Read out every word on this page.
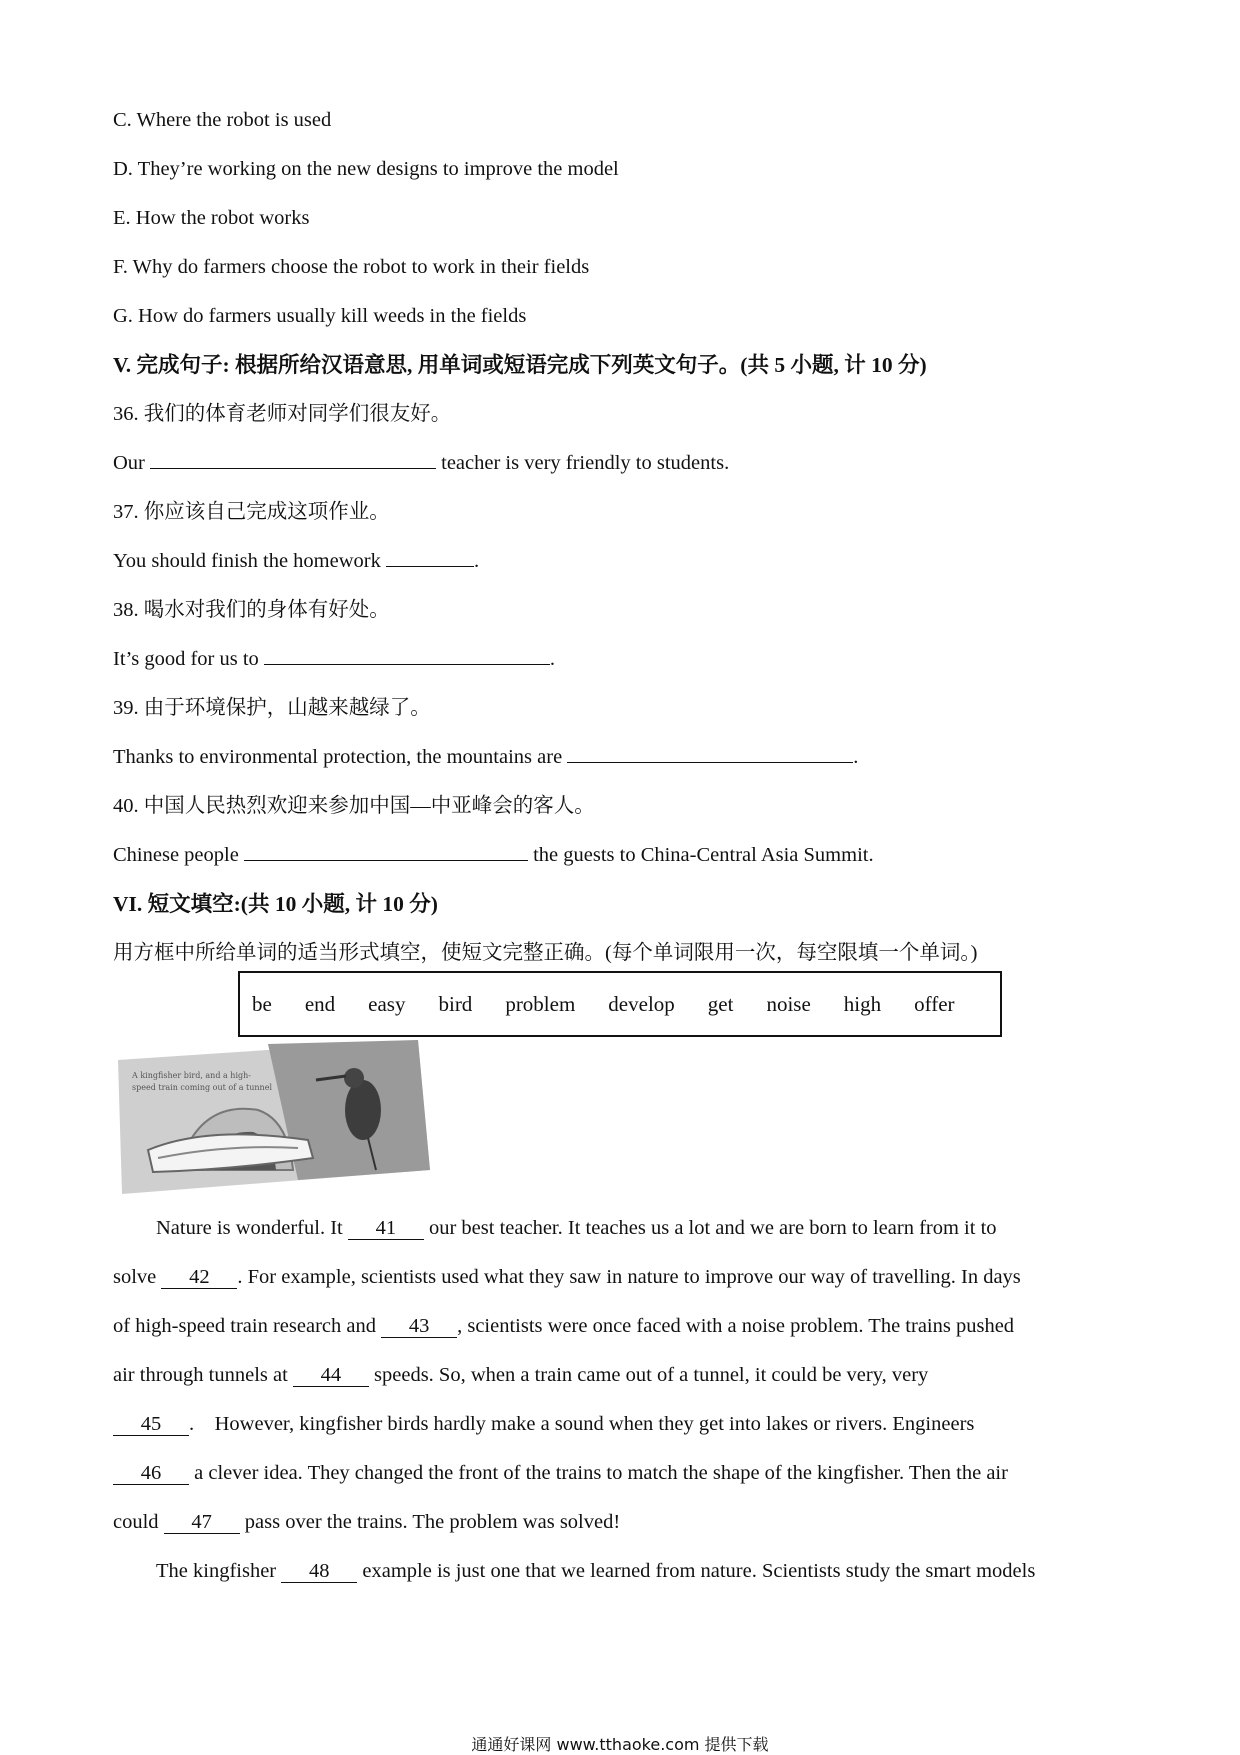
C. Where the robot is used
D. They’re working on the new designs to improve the model
E. How the robot works
F. Why do farmers choose the robot to work in their fields
G. How do farmers usually kill weeds in the fields
V. 完成句子: 根据所给汉语意思, 用单词或短语完成下列英文句子。(共 5 小题, 计 10 分)
36. 我们的体育老师对同学们很友好。
Our	teacher is very friendly to students.
37. 你应该自己完成这项作业。
You should finish the homework	.
38. 喝水对我们的身体有好处。
It’s good for us to	.
39. 由于环境保护，山越来越绿了。
Thanks to environmental protection, the mountains are	.
40. 中国人民热烈欢迎来参加中国—中亚峰会的客人。
Chinese people	the guests to China-Central Asia Summit.
VI. 短文填空:(共 10 小题, 计 10 分)
用方框中所给单词的适当形式填空，使短文完整正确。(每个单词限用一次，每空限填一个单词。)
be end easy bird problem develop get noise high offer
A kingfisher bird, and a high-
speed train coming out of a tunnel
Nature is wonderful. It 41 our best teacher. It teaches us a lot and we are born to learn from it to
solve 42 . For example, scientists used what they saw in nature to improve our way of travelling. In days
of high-speed train research and 43 , scientists were once faced with a noise problem. The trains pushed
air through tunnels at 44 speeds. So, when a train came out of a tunnel, it could be very, very
45 .    However, kingfisher birds hardly make a sound when they get into lakes or rivers. Engineers
46 a clever idea. They changed the front of the trains to match the shape of the kingfisher. Then the air
could 47 pass over the trains. The problem was solved!
The kingfisher 48 example is just one that we learned from nature. Scientists study the smart models
通通好课网 www.tthaoke.com 提供下载
